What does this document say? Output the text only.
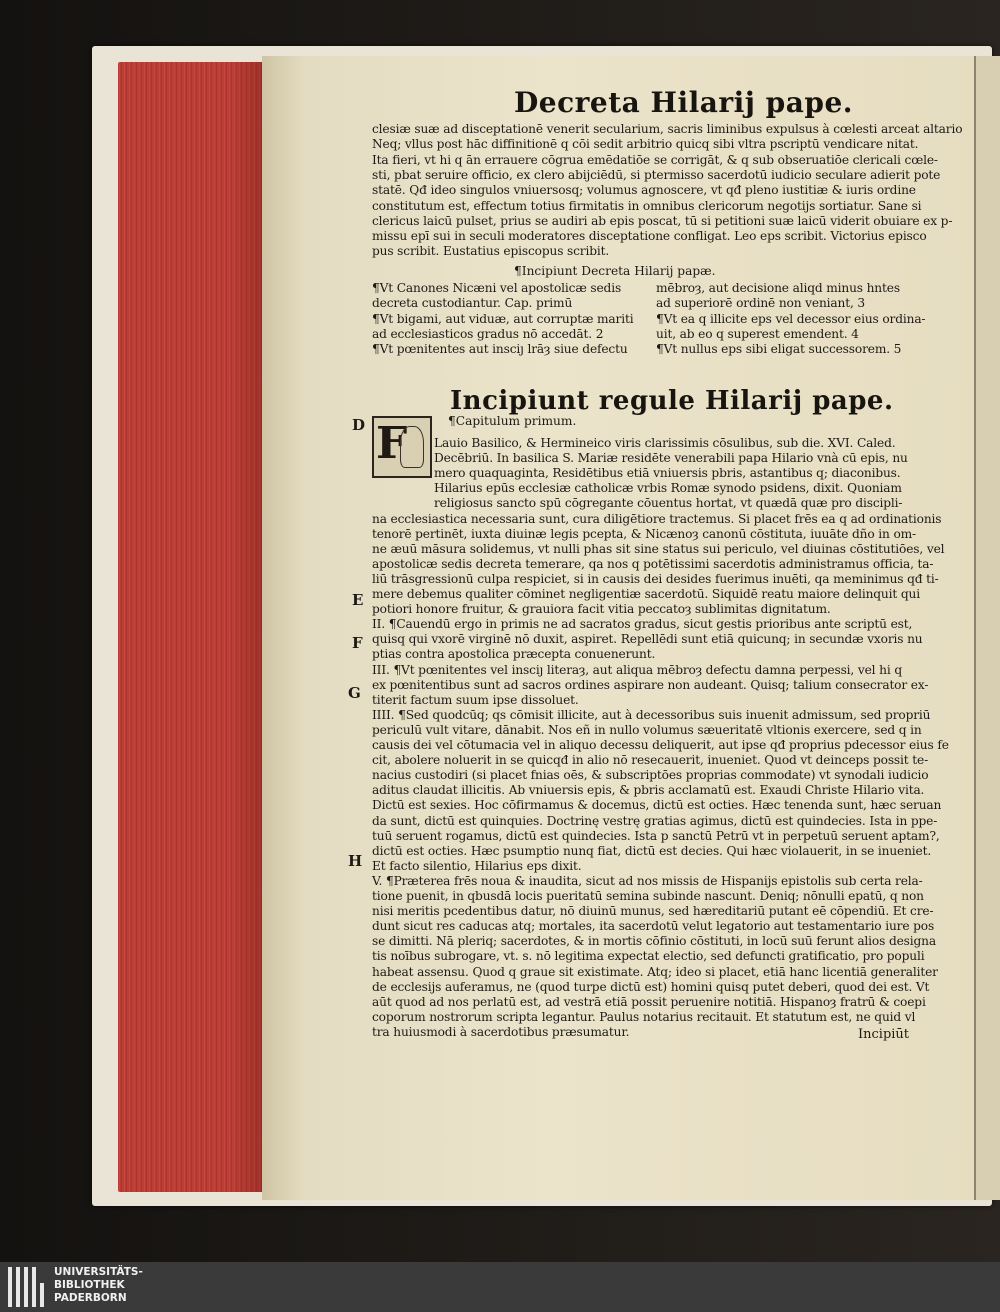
Decreta Hilarij pape.
clesiæ suæ ad disceptationē venerit secularium, sacris liminibus expulsus à cœlesti arceat altario
Neq; vllus post hāc diffinitionē q cōi sedit arbitrio quicq sibi vltra pscriptū vendicare nitat.
Ita fieri, vt hi q ān errauere cōgrua emēdatiōe se corrigāt, & q sub obseruatiōe clericali cœle-
sti, pbat seruire officio, ex clero abijciēdū, si ptermisso sacerdotū iudicio seculare adierit pote
statē. Qđ ideo singulos vniuersosq; volumus agnoscere, vt qđ pleno iustitiæ & iuris ordine
constitutum est, effectum totius firmitatis in omnibus clericorum negotijs sortiatur. Sane si
clericus laicū pulset, prius se audiri ab epis poscat, tū si petitioni suæ laicū viderit obuiare ex p-
missu epī sui in seculi moderatores disceptatione confligat. Leo eps scribit. Victorius episco
pus scribit. Eustatius episcopus scribit.
¶Incipiunt Decreta Hilarij papæ.
¶Vt Canones Nicæni vel apostolicæ sedis
decreta custodiantur. Cap. primū
¶Vt bigami, aut viduæ, aut corruptæ mariti
ad ecclesiasticos gradus nō accedāt. 2
¶Vt pœnitentes aut insciȷ lrāȝ siue defectu
mēbroȝ, aut decisione aliqd minus hntes
ad superiorē ordinē non veniant, 3
¶Vt ea q illicite eps vel decessor eius ordina-
uit, ab eo q superest emendent. 4
¶Vt nullus eps sibi eligat successorem. 5
Incipiunt regule Hilarij pape.
¶Capitulum primum.
F
D
E
F
G
H
Lauio Basilico, & Hermineico viris clarissimis cōsulibus, sub die. XVI. Caled.
Decēbriū. In basilica S. Mariæ residēte venerabili papa Hilario vnà cū epis, nu
mero quaquaginta, Residētibus etiā vniuersis pbris, astantibus q; diaconibus.
Hilarius epūs ecclesiæ catholicæ vrbis Romæ synodo psidens, dixit. Quoniam
religiosus sancto spū cōgregante cōuentus hortat, vt quædā quæ pro discipli-
na ecclesiastica necessaria sunt, cura diligētiore tractemus. Si placet frēs ea q ad ordinationis
tenorē pertinēt, iuxta diuinæ legis pcepta, & Nicænoȝ canonū cōstituta, iuuāte dño in om-
ne æuū māsura solidemus, vt nulli phas sit sine status sui periculo, vel diuinas cōstitutiōes, vel
apostolicæ sedis decreta temerare, qa nos q potētissimi sacerdotis administramus officia, ta-
liū trāsgressionū culpa respiciet, si in causis dei desides fuerimus inuēti, qa meminimus qđ ti-
mere debemus qualiter cōminet negligentiæ sacerdotū. Siquidē reatu maiore delinquit qui
potiori honore fruitur, & grauiora facit vitia peccatoȝ sublimitas dignitatum.
II. ¶Cauendū ergo in primis ne ad sacratos gradus, sicut gestis prioribus ante scriptū est,
quisq qui vxorē virginē nō duxit, aspiret. Repellēdi sunt etiā quicunq; in secundæ vxoris nu
ptias contra apostolica præcepta conuenerunt.
III. ¶Vt pœnitentes vel insciȷ literaȝ, aut aliqua mēbroȝ defectu damna perpessi, vel hi q
ex pœnitentibus sunt ad sacros ordines aspirare non audeant. Quisq; talium consecrator ex-
titerit factum suum ipse dissoluet.
IIII. ¶Sed quodcūq; qs cōmisit illicite, aut à decessoribus suis inuenit admissum, sed propriū
periculū vult vitare, dānabit. Nos eñ in nullo volumus sæueritatē vltionis exercere, sed q in
causis dei vel cōtumacia vel in aliquo decessu deliquerit, aut ipse qđ proprius pdecessor eius fe
cit, abolere noluerit in se quicqđ in alio nō resecauerit, inueniet. Quod vt deinceps possit te-
nacius custodiri (si placet fnias oēs, & subscriptōes proprias commodate) vt synodali iudicio
aditus claudat illicitis. Ab vniuersis epis, & pbris acclamatū est. Exaudi Christe Hilario vita.
Dictū est sexies. Hoc cōfirmamus & docemus, dictū est octies. Hæc tenenda sunt, hæc seruan
da sunt, dictū est quinquies. Doctrinę vestrę gratias agimus, dictū est quindecies. Ista in ppe-
tuū seruent rogamus, dictū est quindecies. Ista p sanctū Petrū vt in perpetuū seruent aptam?,
dictū est octies. Hæc psumptio nunq fiat, dictū est decies. Qui hæc violauerit, in se inueniet.
Et facto silentio, Hilarius eps dixit.
V. ¶Præterea frēs noua & inaudita, sicut ad nos missis de Hispanijs epistolis sub certa rela-
tione puenit, in qbusdā locis pueritatū semina subinde nascunt. Deniq; nōnulli epatū, q non
nisi meritis pcedentibus datur, nō diuinū munus, sed hæreditariū putant eē cōpendiū. Et cre-
dunt sicut res caducas atq; mortales, ita sacerdotū velut legatorio aut testamentario iure pos
se dimitti. Nā pleriq; sacerdotes, & in mortis cōfinio cōstituti, in locū suū ferunt alios designa
tis noībus subrogare, vt. s. nō legitima expectat electio, sed defuncti gratificatio, pro populi
habeat assensu. Quod q graue sit existimate. Atq; ideo si placet, etiā hanc licentiā generaliter
de ecclesijs auferamus, ne (quod turpe dictū est) homini quisq putet deberi, quod dei est. Vt
aūt quod ad nos perlatū est, ad vestrā etiā possit peruenire notitiā. Hispanoȝ fratrū & coepi
coporum nostrorum scripta legantur. Paulus notarius recitauit. Et statutum est, ne quid vl
tra huiusmodi à sacerdotibus præsumatur.	Incipiūt
UNIVERSITÄTS-
BIBLIOTHEK
PADERBORN
